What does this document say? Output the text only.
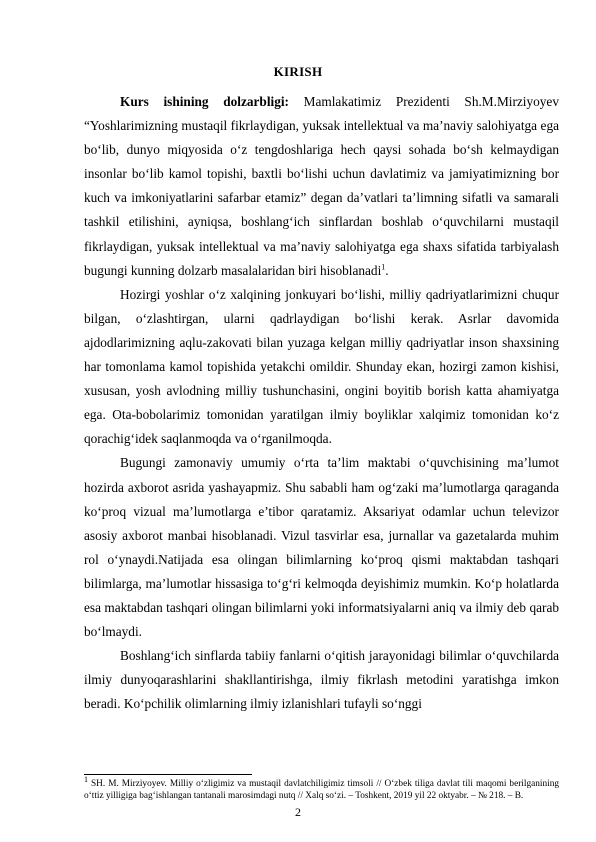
KIRISH

Kurs ishining dolzarbligi: Mamlakatimiz Prezidenti Sh.M.Mirziyoyev “Yoshlarimizning mustaqil fikrlaydigan, yuksak intellektual va ma’naviy salohiyatga ega bo‘lib, dunyo miqyosida o‘z tengdoshlariga hech qaysi sohada bo‘sh kelmaydigan insonlar bo‘lib kamol topishi, baxtli bo‘lishi uchun davlatimiz va jamiyatimizning bor kuch va imkoniyatlarini safarbar etamiz” degan da’vatlari ta’limning sifatli va samarali tashkil etilishini, ayniqsa, boshlang‘ich sinflardan boshlab o‘quvchilarni mustaqil fikrlaydigan, yuksak intellektual va ma’naviy salohiyatga ega shaxs sifatida tarbiyalash bugungi kunning dolzarb masalalaridan biri hisoblanadi$^1$.

Hozirgi yoshlar o‘z xalqining jonkuyari bo‘lishi, milliy qadriyatlarimizni chuqur bilgan, o‘zlashtirgan, ularni qadrlaydigan bo‘lishi kerak. Asrlar davomida ajdodlarimizning aqlu-zakovati bilan yuzaga kelgan milliy qadriyatlar inson shaxsining har tomonlama kamol topishida yetakchi omildir. Shunday ekan, hozirgi zamon kishisi, xususan, yosh avlodning milliy tushunchasini, ongini boyitib borish katta ahamiyatga ega. Ota-bobolarimiz tomonidan yaratilgan ilmiy boyliklar xalqimiz tomonidan ko‘z qorachig‘idek saqlanmoqda va o‘rganilmoqda.

Bugungi zamonaviy umumiy o‘rta ta’lim maktabi o‘quvchisining ma’lumot hozirda axborot asrida yashayapmiz. Shu sababli ham og‘zaki ma’lumotlarga qaraganda ko‘proq vizual ma’lumotlarga e’tibor qaratamiz. Aksariyat odamlar uchun televizor asosiy axborot manbai hisoblanadi. Vizul tasvirlar esa, jurnallar va gazetalarda muhim rol o‘ynaydi.Natijada esa olingan bilimlarning ko‘proq qismi maktabdan tashqari bilimlarga, ma’lumotlar hissasiga to‘g‘ri kelmoqda deyishimiz mumkin. Ko‘p holatlarda esa maktabdan tashqari olingan bilimlarni yoki informatsiyalarni aniq va ilmiy deb qarab bo‘lmaydi.

Boshlang‘ich sinflarda tabiiy fanlarni o‘qitish jarayonidagi bilimlar o‘quvchilarda ilmiy dunyoqarashlarini shakllantirishga, ilmiy fikrlash metodini yaratishga imkon beradi. Ko‘pchilik olimlarning ilmiy izlanishlari tufayli so‘nggi

$^1$ SH. M. Mirziyoyev. Milliy o‘zligimiz va mustaqil davlatchiligimiz timsoli // O‘zbek tiliga davlat tili maqomi berilganining o‘ttiz yilligiga bag‘ishlangan tantanali marosimdagi nutq // Xalq so‘zi. – Toshkent, 2019 yil 22 oktyabr. – № 218. – B.
2
